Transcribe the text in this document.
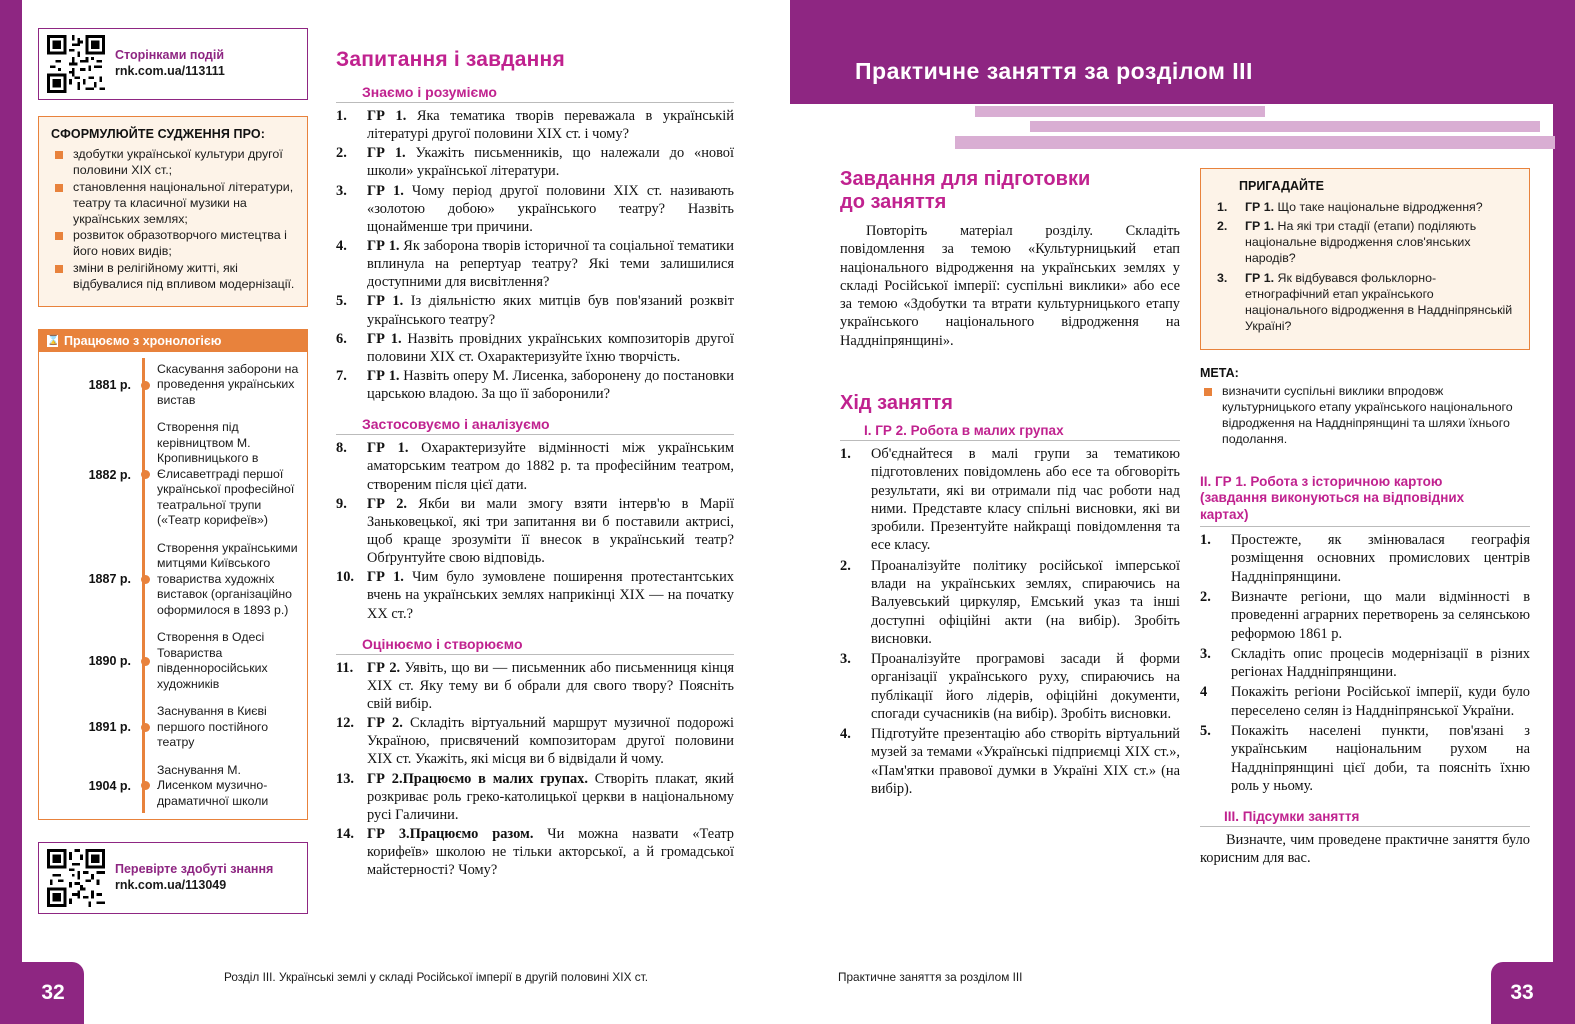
Сторінками подій
rnk.com.ua/113111
СФОРМУЛЮЙТЕ СУДЖЕННЯ ПРО:
здобутки української культури другої половини XIX ст.;
становлення національної літератури, театру та класичної музики на українських землях;
розвиток образотворчого мистецтва і його нових видів;
зміни в релігійному житті, які відбувалися під впливом модернізації.
⌛ Працюємо з хронологією
1881 р.
Скасування заборони на проведення українських вистав
1882 р.
Створення під керівництвом М. Кропивницького в Єлисаветграді першої української професійної театральної трупи («Театр корифеїв»)
1887 р.
Створення українськими митцями Київського товариства художніх виставок (організаційно оформилося в 1893 р.)
1890 р.
Створення в Одесі Товариства південноросійських художників
1891 р.
Заснування в Києві першого постійного театру
1904 р.
Заснування М. Лисенком музично-драматичної школи
Перевірте здобуті знання
rnk.com.ua/113049
Запитання і завдання
Знаємо і розуміємо
1.	ГР 1. Яка тематика творів переважала в українській літературі другої половини XIX ст. і чому?
2.	ГР 1. Укажіть письменників, що належали до «нової школи» української літератури.
3.	ГР 1. Чому період другої половини XIX ст. називають «золотою добою» українського театру? Назвіть щонайменше три причини.
4.	ГР 1. Як заборона творів історичної та соціальної тематики вплинула на репертуар театру? Які теми залишилися доступними для висвітлення?
5.	ГР 1. Із діяльністю яких митців був пов'язаний розквіт українського театру?
6.	ГР 1. Назвіть провідних українських композиторів другої половини XIX ст. Охарактеризуйте їхню творчість.
7.	ГР 1. Назвіть оперу М. Лисенка, заборонену до постановки царською владою. За що її заборонили?
Застосовуємо і аналізуємо
8.	ГР 1. Охарактеризуйте відмінності між українським аматорським театром до 1882 р. та професійним театром, створеним після цієї дати.
9.	ГР 2. Якби ви мали змогу взяти інтерв'ю в Марії Заньковецької, які три запитання ви б поставили актрисі, щоб краще зрозуміти її внесок в український театр? Обґрунтуйте свою відповідь.
10. ГР 1. Чим було зумовлене поширення протестантських вчень на українських землях наприкінці XIX — на початку XX ст.?
Оцінюємо і створюємо
11. ГР 2. Уявіть, що ви — письменник або письменниця кінця XIX ст. Яку тему ви б обрали для свого твору? Поясніть свій вибір.
12. ГР 2. Складіть віртуальний маршрут музичної подорожі Україною, присвячений композиторам другої половини XIX ст. Укажіть, які місця ви б відвідали й чому.
13. ГР 2.Працюємо в малих групах. Створіть плакат, який розкриває роль греко-католицької церкви в національному русі Галичини.
14. ГР 3.Працюємо разом. Чи можна назвати «Театр корифеїв» школою не тільки акторської, а й громадської майстерності? Чому?
32
Розділ III. Українські землі у складі Російської імперії в другій половині XIX ст.
Практичне заняття за розділом III
Завдання для підготовки
до заняття

Повторіть матеріал розділу. Складіть повідомлення за темою «Культурницький етап національного відродження на українських землях у складі Російської імперії: суспільні виклики» або есе за темою «Здобутки та втрати культурницького етапу українського національного відродження на Наддніпрянщині».

Хід заняття
I. ГР 2. Робота в малих групах
1.	Об'єднайтеся в малі групи за тематикою підготовлених повідомлень або есе та обговоріть результати, які ви отримали під час роботи над ними. Представте класу спільні висновки, які ви зробили. Презентуйте найкращі повідомлення та есе класу.
2.	Проаналізуйте політику російської імперської влади на українських землях, спираючись на Валуевський циркуляр, Емський указ та інші доступні офіційні акти (на вибір). Зробіть висновки.
3.	Проаналізуйте програмові засади й форми організації українського руху, спираючись на публікації його лідерів, офіційні документи, спогади сучасників (на вибір). Зробіть висновки.
4.	Підготуйте презентацію або створіть віртуальний музей за темами «Українські підприємці XIX ст.», «Пам'ятки правової думки в Україні XIX ст.» (на вибір).
ПРИГАДАЙТЕ
1.	ГР 1. Що таке національне відродження?
2.	ГР 1. На які три стадії (етапи) поділяють національне відродження слов'янських народів?
3.	ГР 1. Як відбувався фольклорно-етнографічний етап українського національного відродження в Наддніпрянській Україні?
МЕТА:
визначити суспільні виклики впродовж культурницького етапу українського національного відродження на Наддніпрянщині та шляхи їхнього подолання.
II. ГР 1. Робота з історичною картою
(завдання виконуються на відповідних
картах)
1.	Простежте, як змінювалася географія розміщення основних промислових центрів Наддніпрянщини.
2.	Визначте регіони, що мали відмінності в проведенні аграрних перетворень за селянською реформою 1861 р.
3.	Складіть опис процесів модернізації в різних регіонах Наддніпрянщини.
4	Покажіть регіони Російської імперії, куди було переселено селян із Наддніпрянської України.
5.	Покажіть населені пункти, пов'язані з українським національним рухом на Наддніпрянщині цієї доби, та поясніть їхню роль у ньому.
III. Підсумки заняття

Визначте, чим проведене практичне заняття було корисним для вас.

33
Практичне заняття за розділом III
